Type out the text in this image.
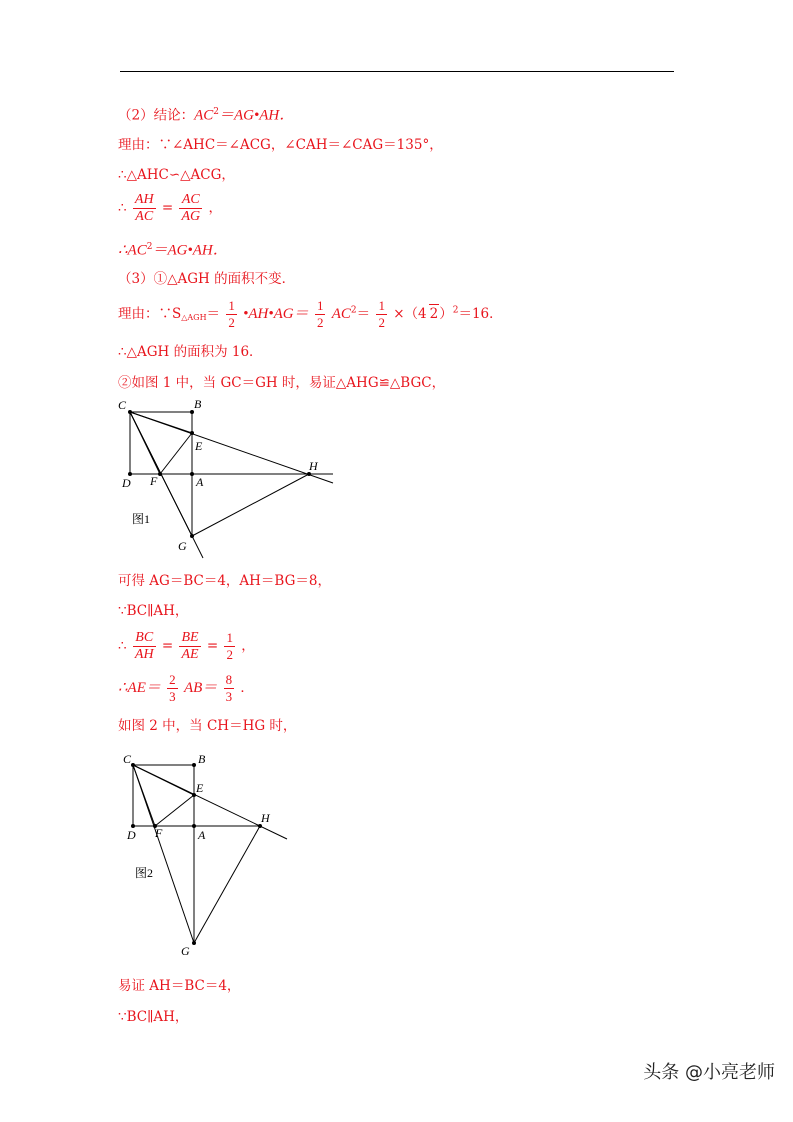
（2）结论：$AC^2=AG•AH$．
理由：∵∠AHC＝∠ACG，∠CAH＝∠CAG＝135°，
∴△AHC∽△ACG，
∴ $\frac{AH}{AC} = \frac{AC}{AG}$ ，
$\therefore AC^2=AG•AH$．
（3）①△AGH 的面积不变．
理由：$\because S_{\triangle AGH}= \frac{1}{2}$ •AH•AG＝ $\frac{1}{2} AC^2= \frac{1}{2} \times(4$ 2）$^2$＝16．
∴△AGH 的面积为 16．
②如图 1 中，当 GC＝GH 时，易证△AHG≌△BGC，
C	B
E
H
D F	A
G
图1
可得 AG＝BC＝4，AH＝BG＝8，
∵BC∥AH，
∴ $\frac{BC}{AH} = \frac{BE}{AE} = \frac{1}{2}$ ，
∴AE＝ $\frac{2}{3} AB= \frac{8}{3}$ ．
如图 2 中，当 CH＝HG 时，
C	B
E
H
D F	A
G
图2
易证 AH＝BC＝4，
∵BC∥AH，
头条 @小亮老师
